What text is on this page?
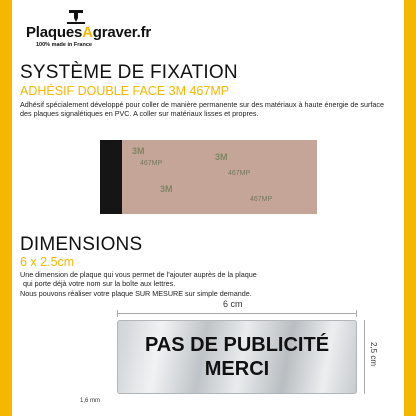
PlaquesAgraver.fr
100% made in France
SYSTÈME DE FIXATION
ADHÉSIF DOUBLE FACE 3M 467MP
Adhésif spécialement développé pour coller de manière permanente sur des matériaux à haute énergie de surface
des plaques signalétiques en PVC. A coller sur matériaux lisses et propres.
3M
467MP
3M
467MP
3M
467MP
DIMENSIONS
6 x 2.5cm
Une dimension de plaque qui vous permet de l'ajouter auprès de la plaque
qui porte déjà votre nom sur la boîte aux lettres.
Nous pouvons réaliser votre plaque SUR MESURE sur simple demande.
6 cm
2,5 cm
1,6 mm
PAS DE PUBLICITÉ
MERCI
